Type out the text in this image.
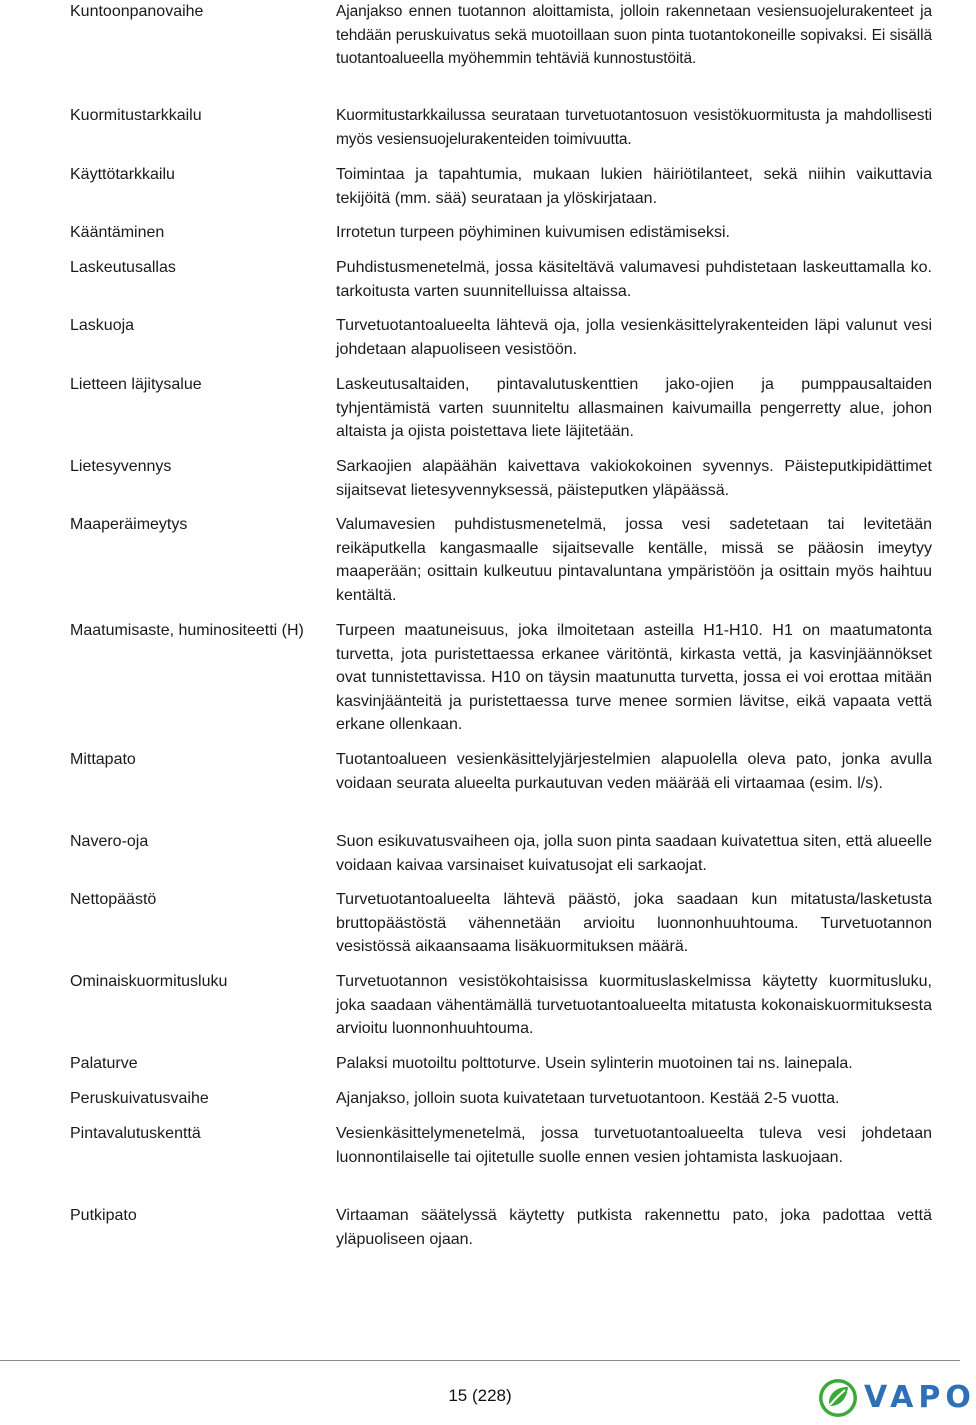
Kuntoonpanovaihe	Ajanjakso ennen tuotannon aloittamista, jolloin rakennetaan vesiensuojelurakenteet ja tehdään peruskuivatus sekä muotoillaan suon pinta tuotantokoneille sopivaksi. Ei sisällä tuotantoalueella myöhemmin tehtäviä kunnostustöitä.
Kuormitustarkkailu	Kuormitustarkkailussa seurataan turvetuotantosuon vesistökuormitusta ja mahdollisesti myös vesiensuojelurakenteiden toimivuutta.
Käyttötarkkailu	Toimintaa ja tapahtumia, mukaan lukien häiriötilanteet, sekä niihin vaikuttavia tekijöitä (mm. sää) seurataan ja ylöskirjataan.
Kääntäminen	Irrotetun turpeen pöyhiminen kuivumisen edistämiseksi.
Laskeutusallas	Puhdistusmenetelmä, jossa käsiteltävä valumavesi puhdistetaan laskeuttamalla ko. tarkoitusta varten suunnitelluissa altaissa.
Laskuoja	Turvetuotantoalueelta lähtevä oja, jolla vesienkäsittelyrakenteiden läpi valunut vesi johdetaan alapuoliseen vesistöön.
Lietteen läjitysalue	Laskeutusaltaiden, pintavalutuskenttien jako-ojien ja pumppausaltaiden tyhjentämistä varten suunniteltu allasmainen kaivumailla pengerretty alue, johon altaista ja ojista poistettava liete läjitetään.
Lietesyvennys	Sarkaojien alapäähän kaivettava vakiokokoinen syvennys. Päisteputkipidättimet sijaitsevat lietesyvennyksessä, päisteputken yläpäässä.
Maaperäimeytys	Valumavesien puhdistusmenetelmä, jossa vesi sadetetaan tai levitetään reikäputkella kangasmaalle sijaitsevalle kentälle, missä se pääosin imeytyy maaperään; osittain kulkeutuu pintavaluntana ympäristöön ja osittain myös haihtuu kentältä.
Maatumisaste, huminositeetti (H)	Turpeen maatuneisuus, joka ilmoitetaan asteilla H1-H10. H1 on maatumatonta turvetta, jota puristettaessa erkanee väritöntä, kirkasta vettä, ja kasvinjäännökset ovat tunnistettavissa. H10 on täysin maatunutta turvetta, jossa ei voi erottaa mitään kasvinjäänteitä ja puristettaessa turve menee sormien lävitse, eikä vapaata vettä erkane ollenkaan.
Mittapato	Tuotantoalueen vesienkäsittelyjärjestelmien alapuolella oleva pato, jonka avulla voidaan seurata alueelta purkautuvan veden määrää eli virtaamaa (esim. l/s).
Navero-oja	Suon esikuvatusvaiheen oja, jolla suon pinta saadaan kuivatettua siten, että alueelle voidaan kaivaa varsinaiset kuivatusojat eli sarkaojat.
Nettopäästö	Turvetuotantoalueelta lähtevä päästö, joka saadaan kun mitatusta/lasketusta bruttopäästöstä vähennetään arvioitu luonnonhuuhtouma. Turvetuotannon vesistössä aikaansaama lisäkuormituksen määrä.
Ominaiskuormitusluku	Turvetuotannon vesistökohtaisissa kuormituslaskelmissa käytetty kuormitusluku, joka saadaan vähentämällä turvetuotantoalueelta mitatusta kokonaiskuormituksesta arvioitu luonnonhuuhtouma.
Palaturve	Palaksi muotoiltu polttoturve. Usein sylinterin muotoinen tai ns. lainepala.
Peruskuivatusvaihe	Ajanjakso, jolloin suota kuivatetaan turvetuotantoon. Kestää 2-5 vuotta.
Pintavalutuskenttä	Vesienkäsittelymenetelmä, jossa turvetuotantoalueelta tuleva vesi johdetaan luonnontilaiselle tai ojitetulle suolle ennen vesien johtamista laskuojaan.
Putkipato	Virtaaman säätelyssä käytetty putkista rakennettu pato, joka padottaa vettä yläpuoliseen ojaan.
15 (228)	VAPO
